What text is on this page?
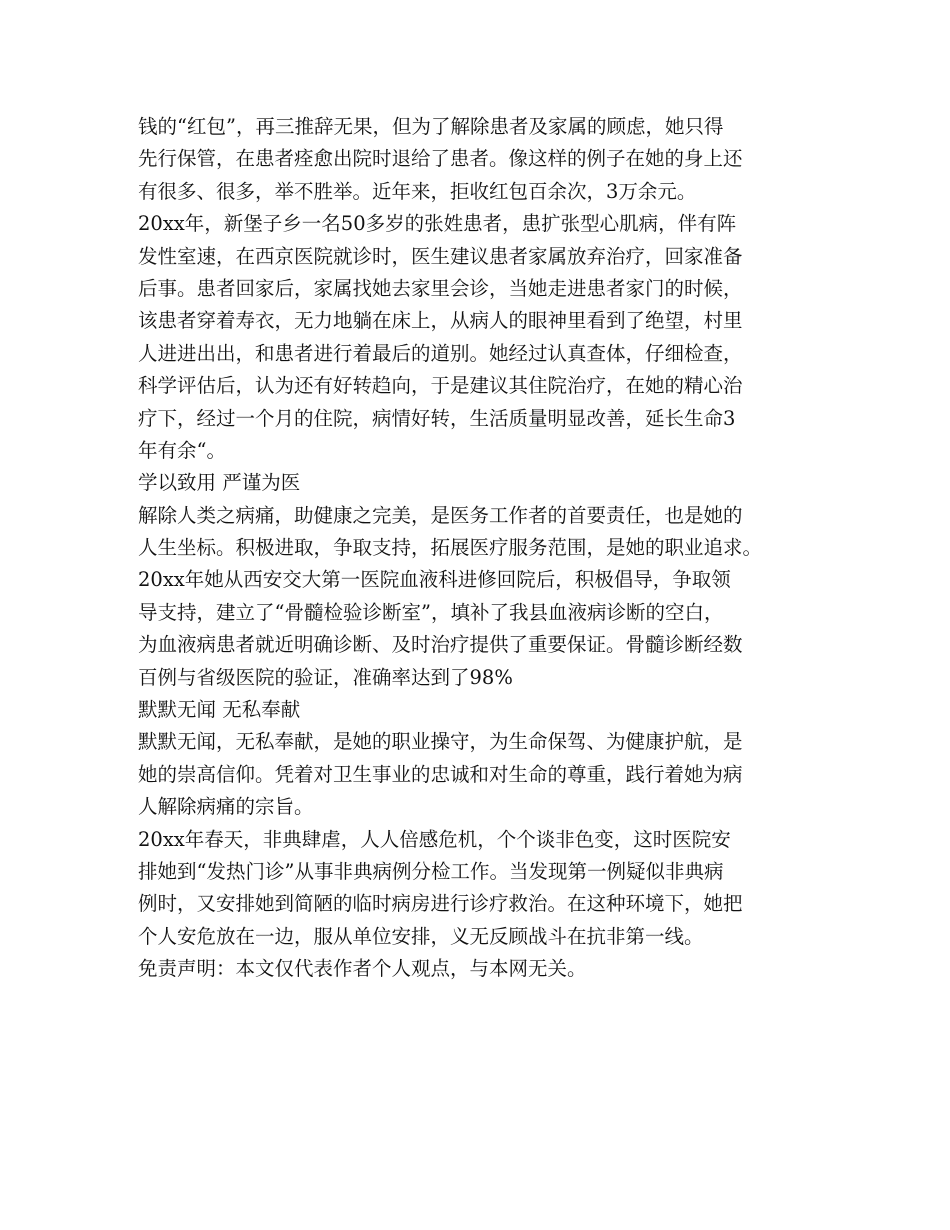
钱的“红包”，再三推辞无果，但为了解除患者及家属的顾虑，她只得
先行保管，在患者痊愈出院时退给了患者。像这样的例子在她的身上还
有很多、很多，举不胜举。近年来，拒收红包百余次，3万余元。
20xx年，新堡子乡一名50多岁的张姓患者，患扩张型心肌病，伴有阵
发性室速，在西京医院就诊时，医生建议患者家属放弃治疗，回家准备
后事。患者回家后，家属找她去家里会诊，当她走进患者家门的时候，
该患者穿着寿衣，无力地躺在床上，从病人的眼神里看到了绝望，村里
人进进出出，和患者进行着最后的道别。她经过认真查体，仔细检查，
科学评估后，认为还有好转趋向，于是建议其住院治疗，在她的精心治
疗下，经过一个月的住院，病情好转，生活质量明显改善，延长生命3
年有余“。
学以致用 严谨为医
解除人类之病痛，助健康之完美，是医务工作者的首要责任，也是她的
人生坐标。积极进取，争取支持，拓展医疗服务范围，是她的职业追求。
20xx年她从西安交大第一医院血液科进修回院后，积极倡导，争取领
导支持，建立了“骨髓检验诊断室”，填补了我县血液病诊断的空白，
为血液病患者就近明确诊断、及时治疗提供了重要保证。骨髓诊断经数
百例与省级医院的验证，准确率达到了98%
默默无闻 无私奉献
默默无闻，无私奉献，是她的职业操守，为生命保驾、为健康护航，是
她的崇高信仰。凭着对卫生事业的忠诚和对生命的尊重，践行着她为病
人解除病痛的宗旨。
20xx年春天，非典肆虐，人人倍感危机，个个谈非色变，这时医院安
排她到“发热门诊”从事非典病例分检工作。当发现第一例疑似非典病
例时，又安排她到简陋的临时病房进行诊疗救治。在这种环境下，她把
个人安危放在一边，服从单位安排，义无反顾战斗在抗非第一线。
免责声明：本文仅代表作者个人观点，与本网无关。
